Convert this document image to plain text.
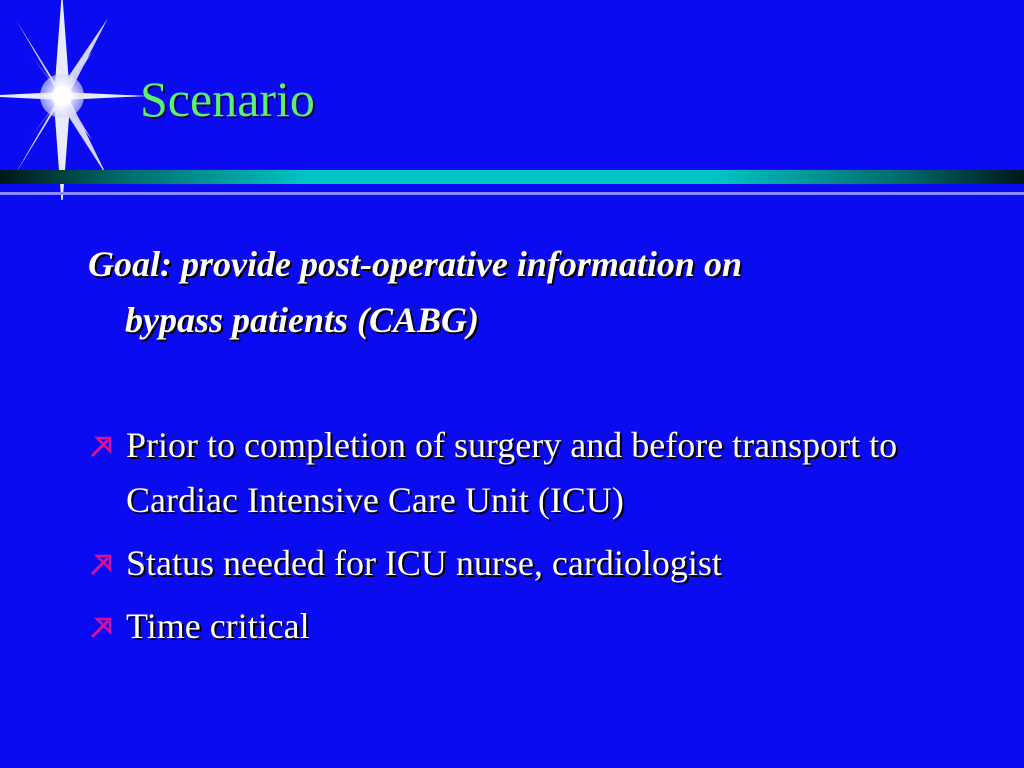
Scenario
Goal: provide post-operative information on
bypass patients (CABG)
Prior to completion of surgery and before transport to Cardiac Intensive Care Unit (ICU)
Status needed for ICU nurse, cardiologist
Time critical
